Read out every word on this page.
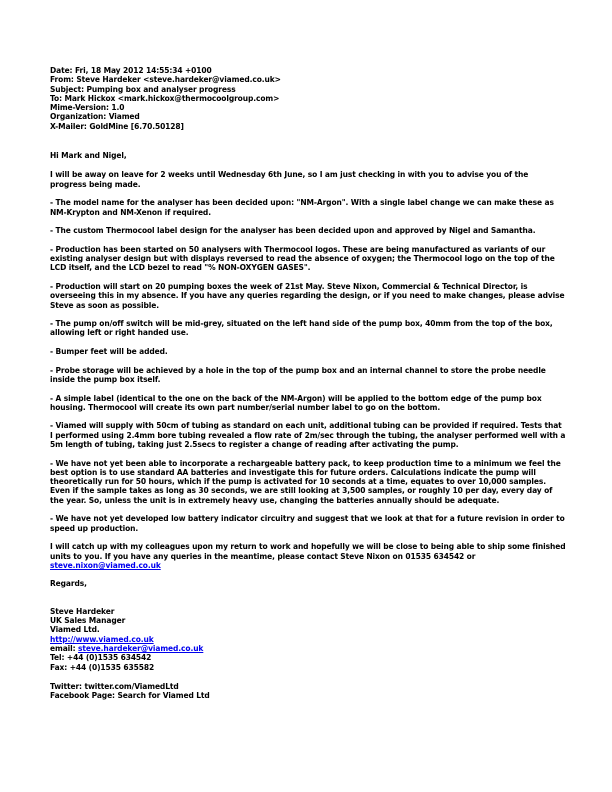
Date: Fri, 18 May 2012 14:55:34 +0100
From: Steve Hardeker <steve.hardeker@viamed.co.uk>
Subject: Pumping box and analyser progress
To: Mark Hickox <mark.hickox@thermocoolgroup.com>
Mime-Version: 1.0
Organization: Viamed
X-Mailer: GoldMine [6.70.50128]

Hi Mark and Nigel,

I will be away on leave for 2 weeks until Wednesday 6th June, so I am just checking in with you to advise you of the progress being made.

- The model name for the analyser has been decided upon: "NM-Argon". With a single label change we can make these as NM-Krypton and NM-Xenon if required.

- The custom Thermocool label design for the analyser has been decided upon and approved by Nigel and Samantha.

- Production has been started on 50 analysers with Thermocool logos. These are being manufactured as variants of our existing analyser design but with displays reversed to read the absence of oxygen; the Thermocool logo on the top of the LCD itself, and the LCD bezel to read "% NON-OXYGEN GASES".

- Production will start on 20 pumping boxes the week of 21st May. Steve Nixon, Commercial & Technical Director, is overseeing this in my absence. If you have any queries regarding the design, or if you need to make changes, please advise Steve as soon as possible.

- The pump on/off switch will be mid-grey, situated on the left hand side of the pump box, 40mm from the top of the box, allowing left or right handed use.

- Bumper feet will be added.

- Probe storage will be achieved by a hole in the top of the pump box and an internal channel to store the probe needle inside the pump box itself.

- A simple label (identical to the one on the back of the NM-Argon) will be applied to the bottom edge of the pump box housing. Thermocool will create its own part number/serial number label to go on the bottom.

- Viamed will supply with 50cm of tubing as standard on each unit, additional tubing can be provided if required. Tests that I performed using 2.4mm bore tubing revealed a flow rate of 2m/sec through the tubing, the analyser performed well with a 5m length of tubing, taking just 2.5secs to register a change of reading after activating the pump.

- We have not yet been able to incorporate a rechargeable battery pack, to keep production time to a minimum we feel the best option is to use standard AA batteries and investigate this for future orders. Calculations indicate the pump will theoretically run for 50 hours, which if the pump is activated for 10 seconds at a time, equates to over 10,000 samples. Even if the sample takes as long as 30 seconds, we are still looking at 3,500 samples, or roughly 10 per day, every day of the year. So, unless the unit is in extremely heavy use, changing the batteries annually should be adequate.

- We have not yet developed low battery indicator circuitry and suggest that we look at that for a future revision in order to speed up production.

I will catch up with my colleagues upon my return to work and hopefully we will be close to being able to ship some finished units to you. If you have any queries in the meantime, please contact Steve Nixon on 01535 634542 or steve.nixon@viamed.co.uk

Regards,

Steve Hardeker
UK Sales Manager
Viamed Ltd.
http://www.viamed.co.uk
email: steve.hardeker@viamed.co.uk
Tel: +44 (0)1535 634542
Fax: +44 (0)1535 635582
Twitter: twitter.com/ViamedLtd
Facebook Page: Search for Viamed Ltd
